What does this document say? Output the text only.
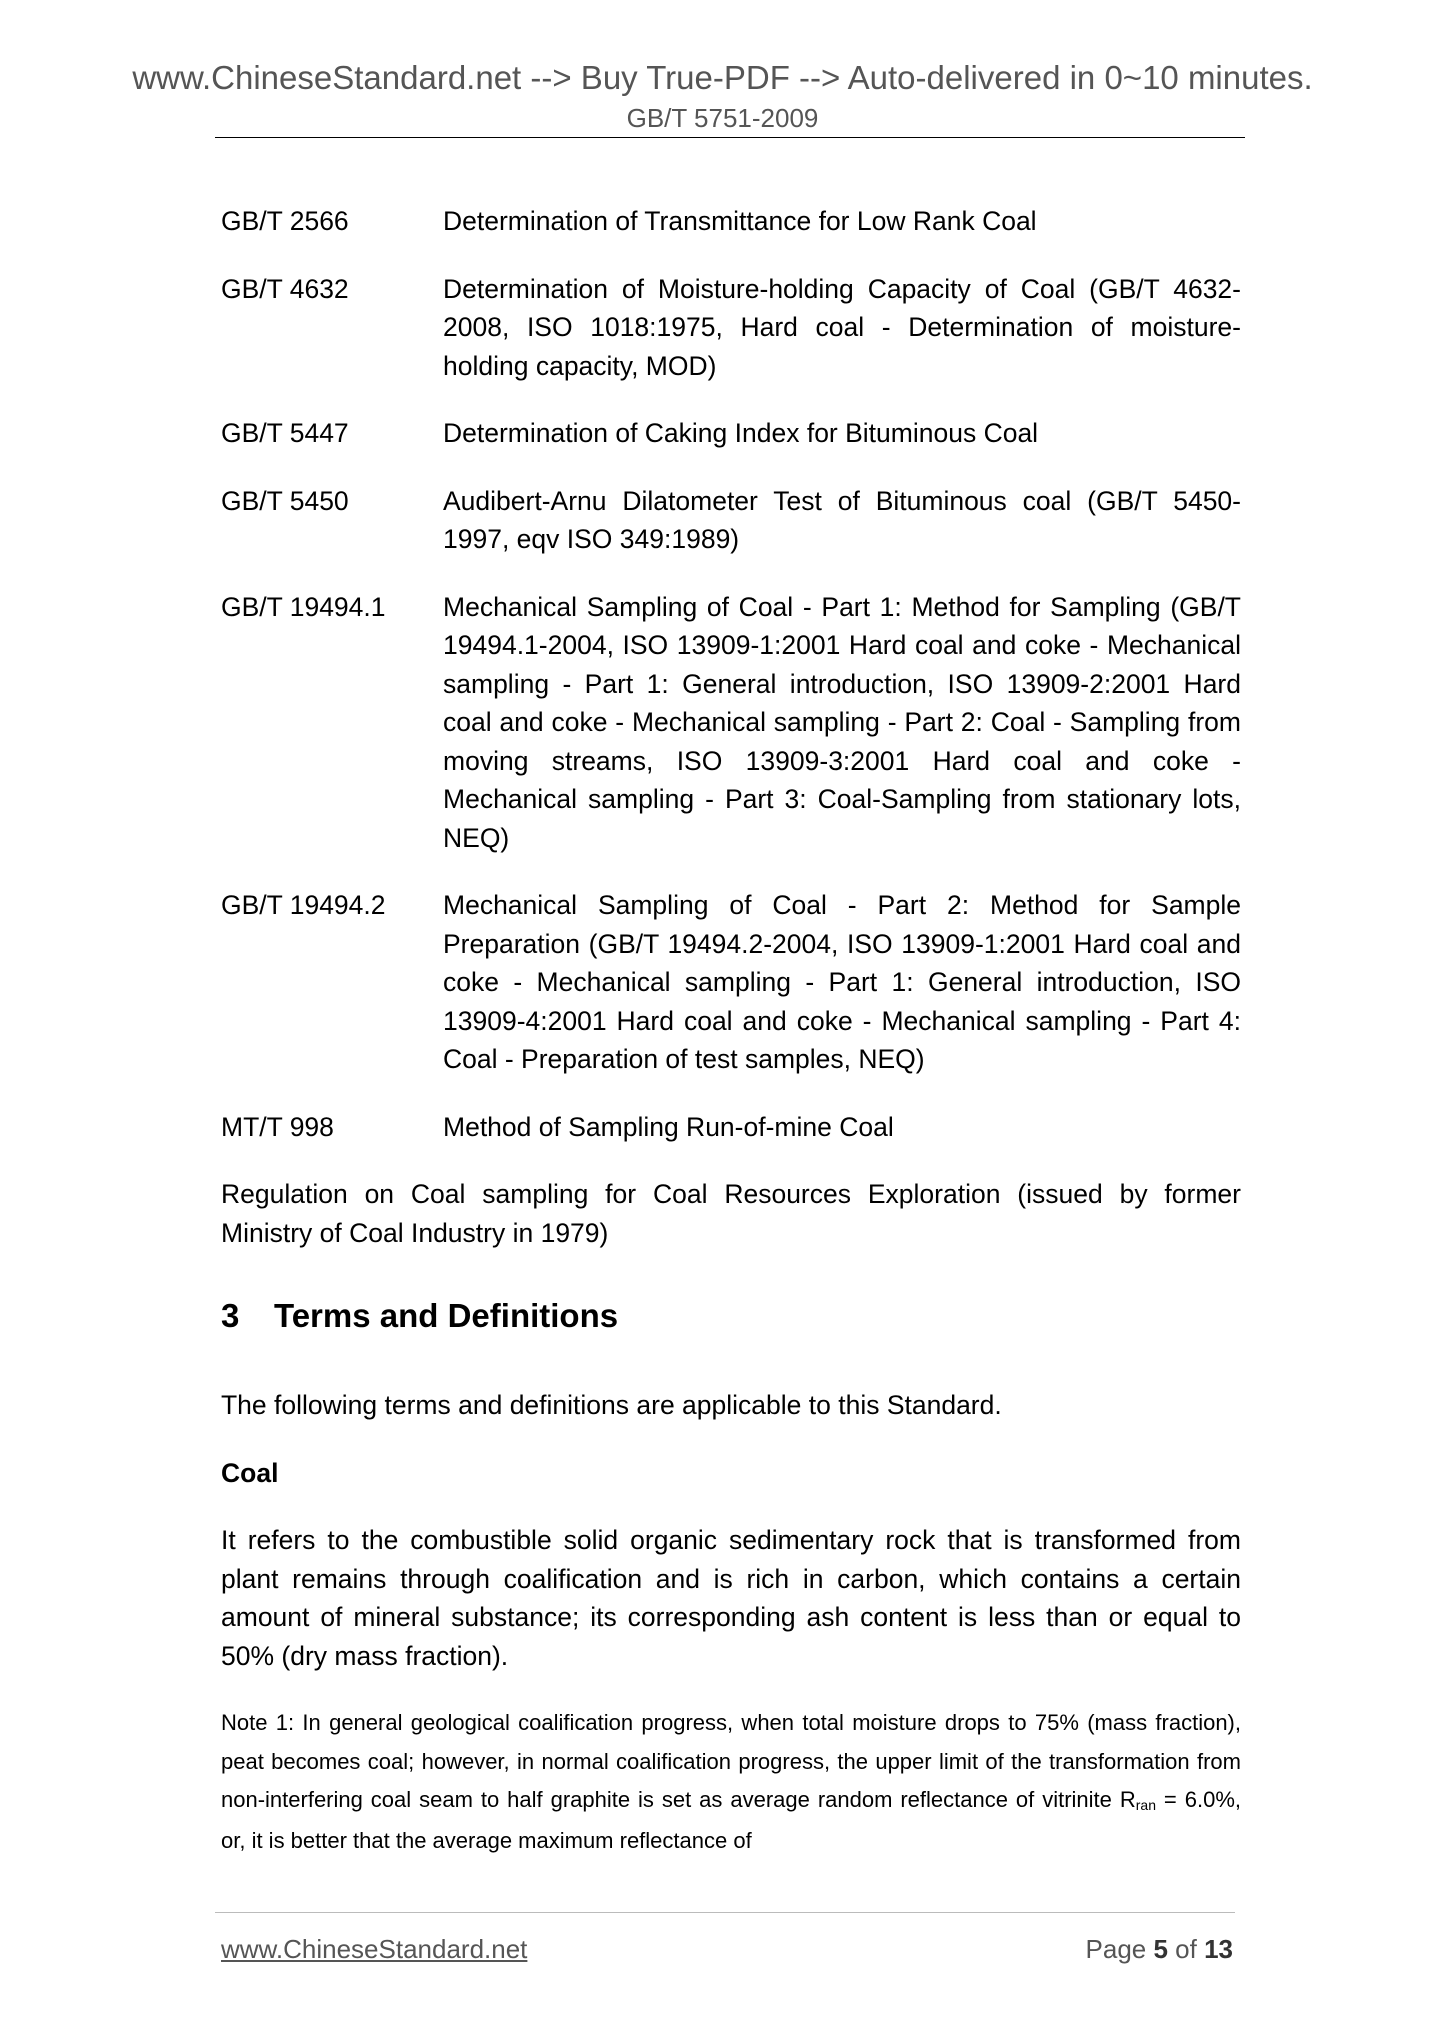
www.ChineseStandard.net --> Buy True-PDF --> Auto-delivered in 0~10 minutes.
GB/T 5751-2009
GB/T 2566	Determination of Transmittance for Low Rank Coal
GB/T 4632	Determination of Moisture-holding Capacity of Coal (GB/T 4632-2008, ISO 1018:1975, Hard coal - Determination of moisture-holding capacity, MOD)
GB/T 5447	Determination of Caking Index for Bituminous Coal
GB/T 5450	Audibert-Arnu Dilatometer Test of Bituminous coal (GB/T 5450-1997, eqv ISO 349:1989)
GB/T 19494.1	Mechanical Sampling of Coal - Part 1: Method for Sampling (GB/T 19494.1-2004, ISO 13909-1:2001 Hard coal and coke - Mechanical sampling - Part 1: General introduction, ISO 13909-2:2001 Hard coal and coke - Mechanical sampling - Part 2: Coal - Sampling from moving streams, ISO 13909-3:2001 Hard coal and coke - Mechanical sampling - Part 3: Coal-Sampling from stationary lots, NEQ)
GB/T 19494.2	Mechanical Sampling of Coal - Part 2: Method for Sample Preparation (GB/T 19494.2-2004, ISO 13909-1:2001 Hard coal and coke - Mechanical sampling - Part 1: General introduction, ISO 13909-4:2001 Hard coal and coke - Mechanical sampling - Part 4: Coal - Preparation of test samples, NEQ)
MT/T 998	Method of Sampling Run-of-mine Coal

Regulation on Coal sampling for Coal Resources Exploration (issued by former Ministry of Coal Industry in 1979)

3	Terms and Definitions

The following terms and definitions are applicable to this Standard.

Coal

It refers to the combustible solid organic sedimentary rock that is transformed from plant remains through coalification and is rich in carbon, which contains a certain amount of mineral substance; its corresponding ash content is less than or equal to 50% (dry mass fraction).

Note 1: In general geological coalification progress, when total moisture drops to 75% (mass fraction), peat becomes coal; however, in normal coalification progress, the upper limit of the transformation from non-interfering coal seam to half graphite is set as average random reflectance of vitrinite $R_{ran} = 6.0\%$, or, it is better that the average maximum reflectance of

www.ChineseStandard.net	Page 5 of 13
